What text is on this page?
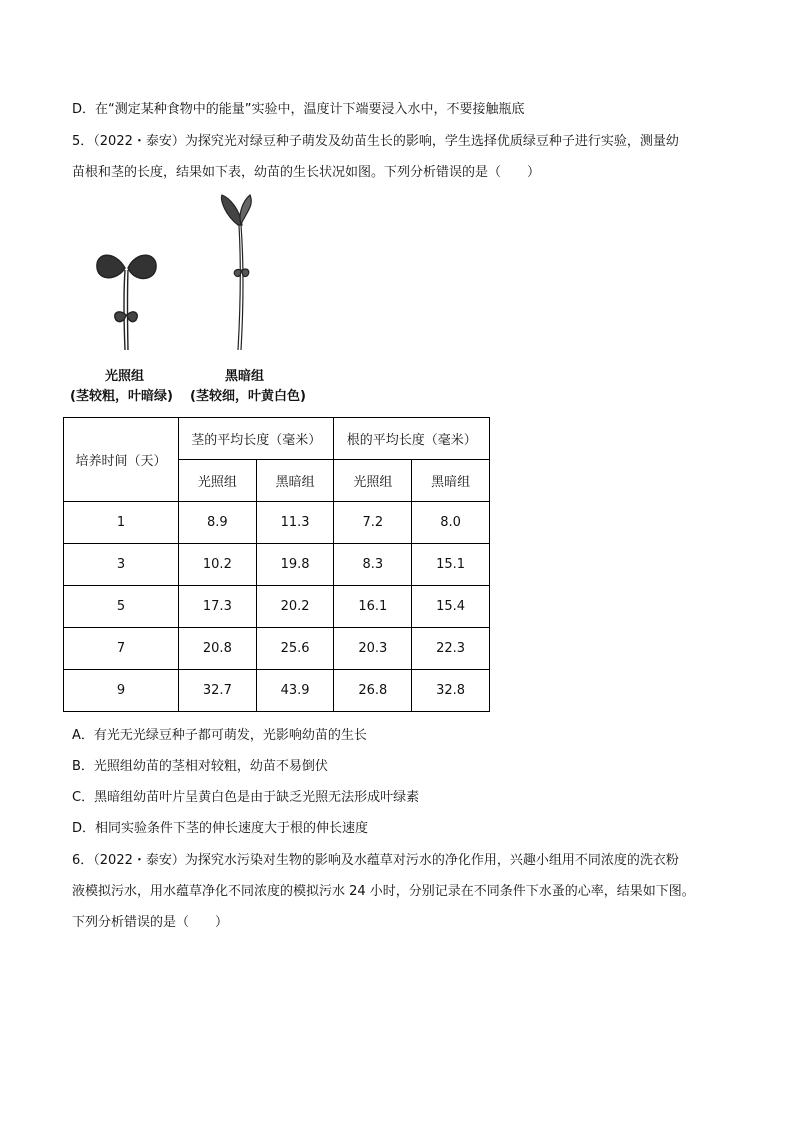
D．在“测定某种食物中的能量”实验中，温度计下端要浸入水中，不要接触瓶底
5．（2022・泰安）为探究光对绿豆种子萌发及幼苗生长的影响，学生选择优质绿豆种子进行实验，测量幼
苗根和茎的长度，结果如下表，幼苗的生长状况如图。下列分析错误的是（　　）
光照组
(茎较粗，叶暗绿)
黑暗组
(茎较细，叶黄白色)
培养时间（天）	茎的平均长度（毫米）		根的平均长度（毫米）	
	光照组	黑暗组	光照组	黑暗组
1	8.9	11.3	7.2	8.0
3	10.2	19.8	8.3	15.1
5	17.3	20.2	16.1	15.4
7	20.8	25.6	20.3	22.3
9	32.7	43.9	26.8	32.8
A．有光无光绿豆种子都可萌发，光影响幼苗的生长
B．光照组幼苗的茎相对较粗，幼苗不易倒伏
C．黑暗组幼苗叶片呈黄白色是由于缺乏光照无法形成叶绿素
D．相同实验条件下茎的伸长速度大于根的伸长速度
6．（2022・泰安）为探究水污染对生物的影响及水蕴草对污水的净化作用，兴趣小组用不同浓度的洗衣粉
液模拟污水，用水蕴草净化不同浓度的模拟污水 24 小时，分别记录在不同条件下水蚤的心率，结果如下图。
下列分析错误的是（　　）
